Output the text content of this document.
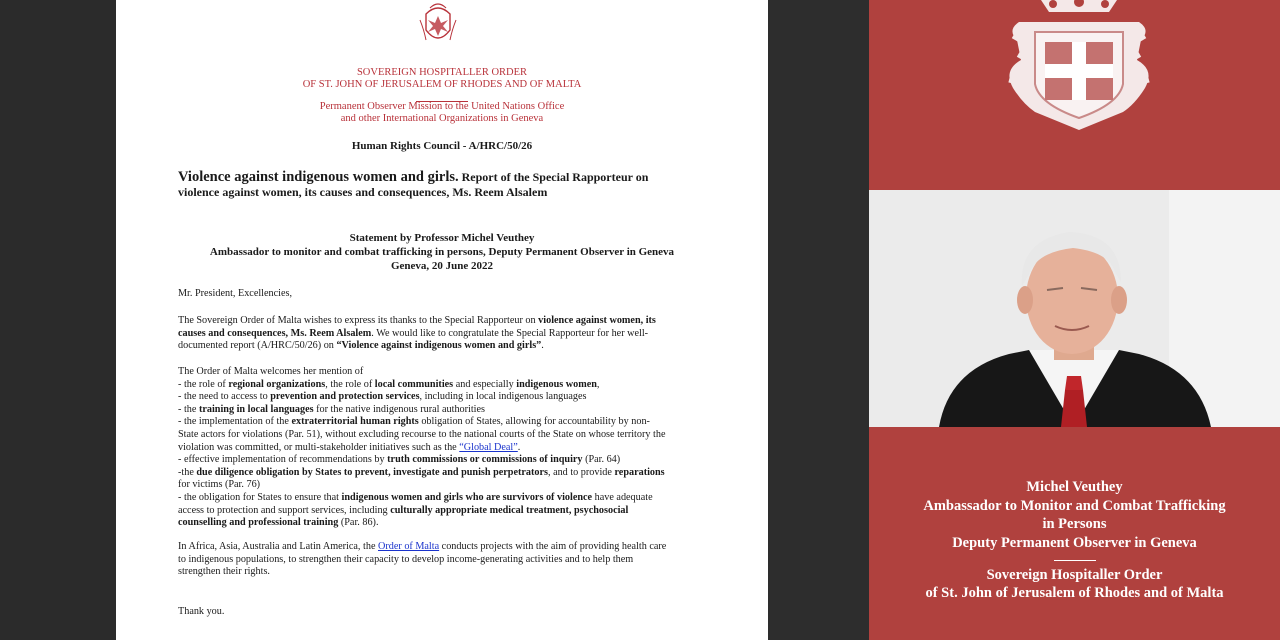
SOVEREIGN HOSPITALLER ORDER
OF ST. JOHN OF JERUSALEM OF RHODES AND OF MALTA
Permanent Observer Mission to the United Nations Office
and other International Organizations in Geneva
Human Rights Council - A/HRC/50/26
Violence against indigenous women and girls. Report of the Special Rapporteur on
violence against women, its causes and consequences, Ms. Reem Alsalem
Statement by Professor Michel Veuthey
Ambassador to monitor and combat trafficking in persons, Deputy Permanent Observer in Geneva
Geneva, 20 June 2022
Mr. President, Excellencies,
The Sovereign Order of Malta wishes to express its thanks to the Special Rapporteur on violence against women, its
causes and consequences, Ms. Reem Alsalem. We would like to congratulate the Special Rapporteur for her well-
documented report (A/HRC/50/26) on “Violence against indigenous women and girls”.
The Order of Malta welcomes her mention of
- the role of regional organizations, the role of local communities and especially indigenous women,
- the need to access to prevention and protection services, including in local indigenous languages
- the training in local languages for the native indigenous rural authorities
- the implementation of the extraterritorial human rights obligation of States, allowing for accountability by non-
State actors for violations (Par. 51), without excluding recourse to the national courts of the State on whose territory the
violation was committed, or multi-stakeholder initiatives such as the “Global Deal”.
- effective implementation of recommendations by truth commissions or commissions of inquiry (Par. 64)
-the due diligence obligation by States to prevent, investigate and punish perpetrators, and to provide reparations
for victims (Par. 76)
- the obligation for States to ensure that indigenous women and girls who are survivors of violence have adequate
access to protection and support services, including culturally appropriate medical treatment, psychosocial
counselling and professional training (Par. 86).
In Africa, Asia, Australia and Latin America, the Order of Malta conducts projects with the aim of providing health care
to indigenous populations, to strengthen their capacity to develop income-generating activities and to help them
strengthen their rights.
Thank you.
Michel Veuthey
Ambassador to Monitor and Combat Trafficking
in Persons
Deputy Permanent Observer in Geneva
Sovereign Hospitaller Order
of St. John of Jerusalem of Rhodes and of Malta
